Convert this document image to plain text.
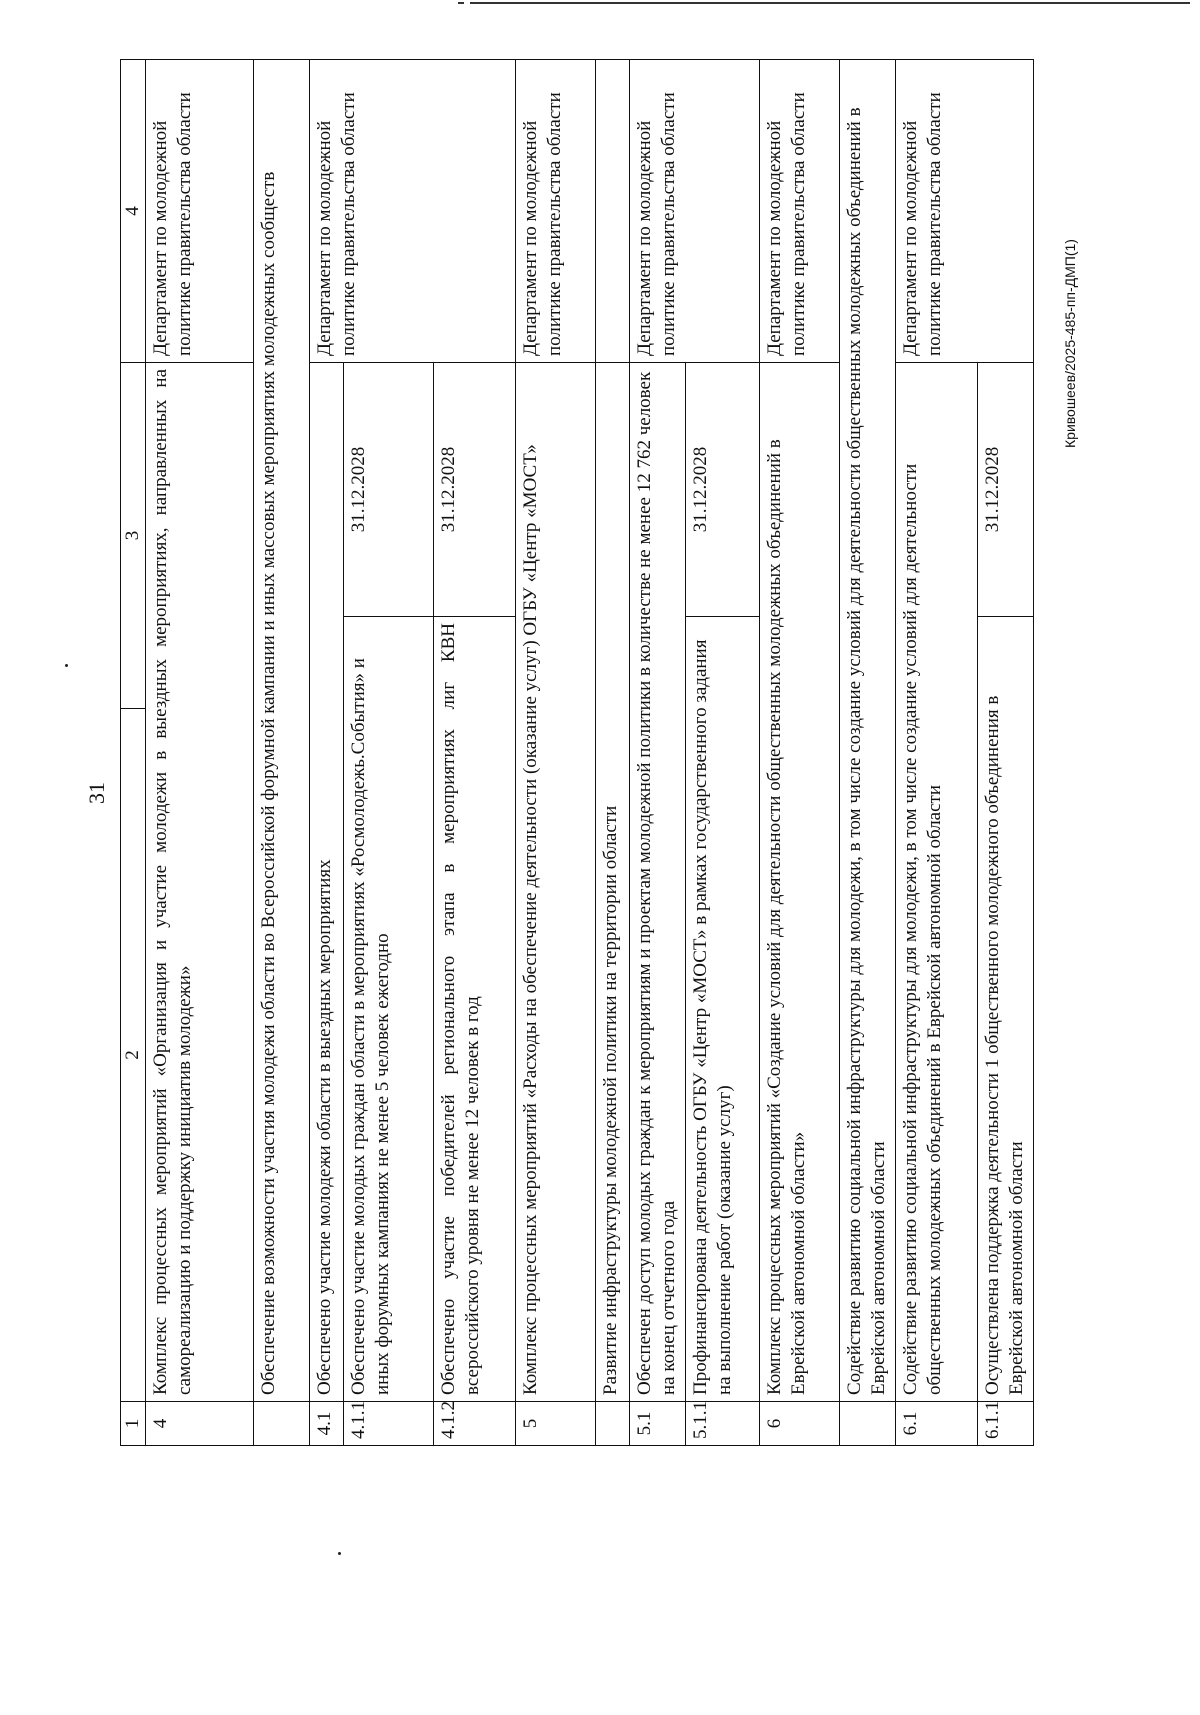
31
Кривошеев/2025-485-пп-ДМП(1)
1	2	3		4
4	Комплекс процессных мероприятий «Организация и участие молодежи в выездных мероприятиях, направленных на самореализацию и поддержку инициатив молодежи»			Департамент по молодежной политике правительства области
	Обеспечение возможности участия молодежи области во Всероссийской форумной кампании и иных массовых мероприятиях молодежных сообществ			
4.1	Обеспечено участие молодежи области в выездных мероприятиях			Департамент по молодежной политике правительства области
4.1.1	Обеспечено участие молодых граждан области в мероприятиях «Росмолодежь.События» и иных форумных кампаниях не менее 5 человек ежегодно		31.12.2028	
4.1.2	Обеспечено участие победителей регионального этапа в мероприятиях лиг КВН всероссийского уровня не менее 12 человек в год		31.12.2028	
5	Комплекс процессных мероприятий «Расходы на обеспечение деятельности (оказание услуг) ОГБУ «Центр «МОСТ»			Департамент по молодежной политике правительства области
	Развитие инфраструктуры молодежной политики на территории области			
5.1	Обеспечен доступ молодых граждан к мероприятиям и проектам молодежной политики в количестве не менее 12 762 человек на конец отчетного года			Департамент по молодежной политике правительства области
5.1.1	Профинансирована деятельность ОГБУ «Центр «МОСТ» в рамках государственного задания на выполнение работ (оказание услуг)		31.12.2028	
6	Комплекс процессных мероприятий «Создание условий для деятельности общественных молодежных объединений в Еврейской автономной области»			Департамент по молодежной политике правительства области
	Содействие развитию социальной инфраструктуры для молодежи, в том числе создание условий для деятельности общественных молодежных объединений в Еврейской автономной области			
6.1	Содействие развитию социальной инфраструктуры для молодежи, в том числе создание условий для деятельности общественных молодежных объединений в Еврейской автономной области			Департамент по молодежной политике правительства области
6.1.1	Осуществлена поддержка деятельности 1 общественного молодежного объединения в Еврейской автономной области		31.12.2028	
